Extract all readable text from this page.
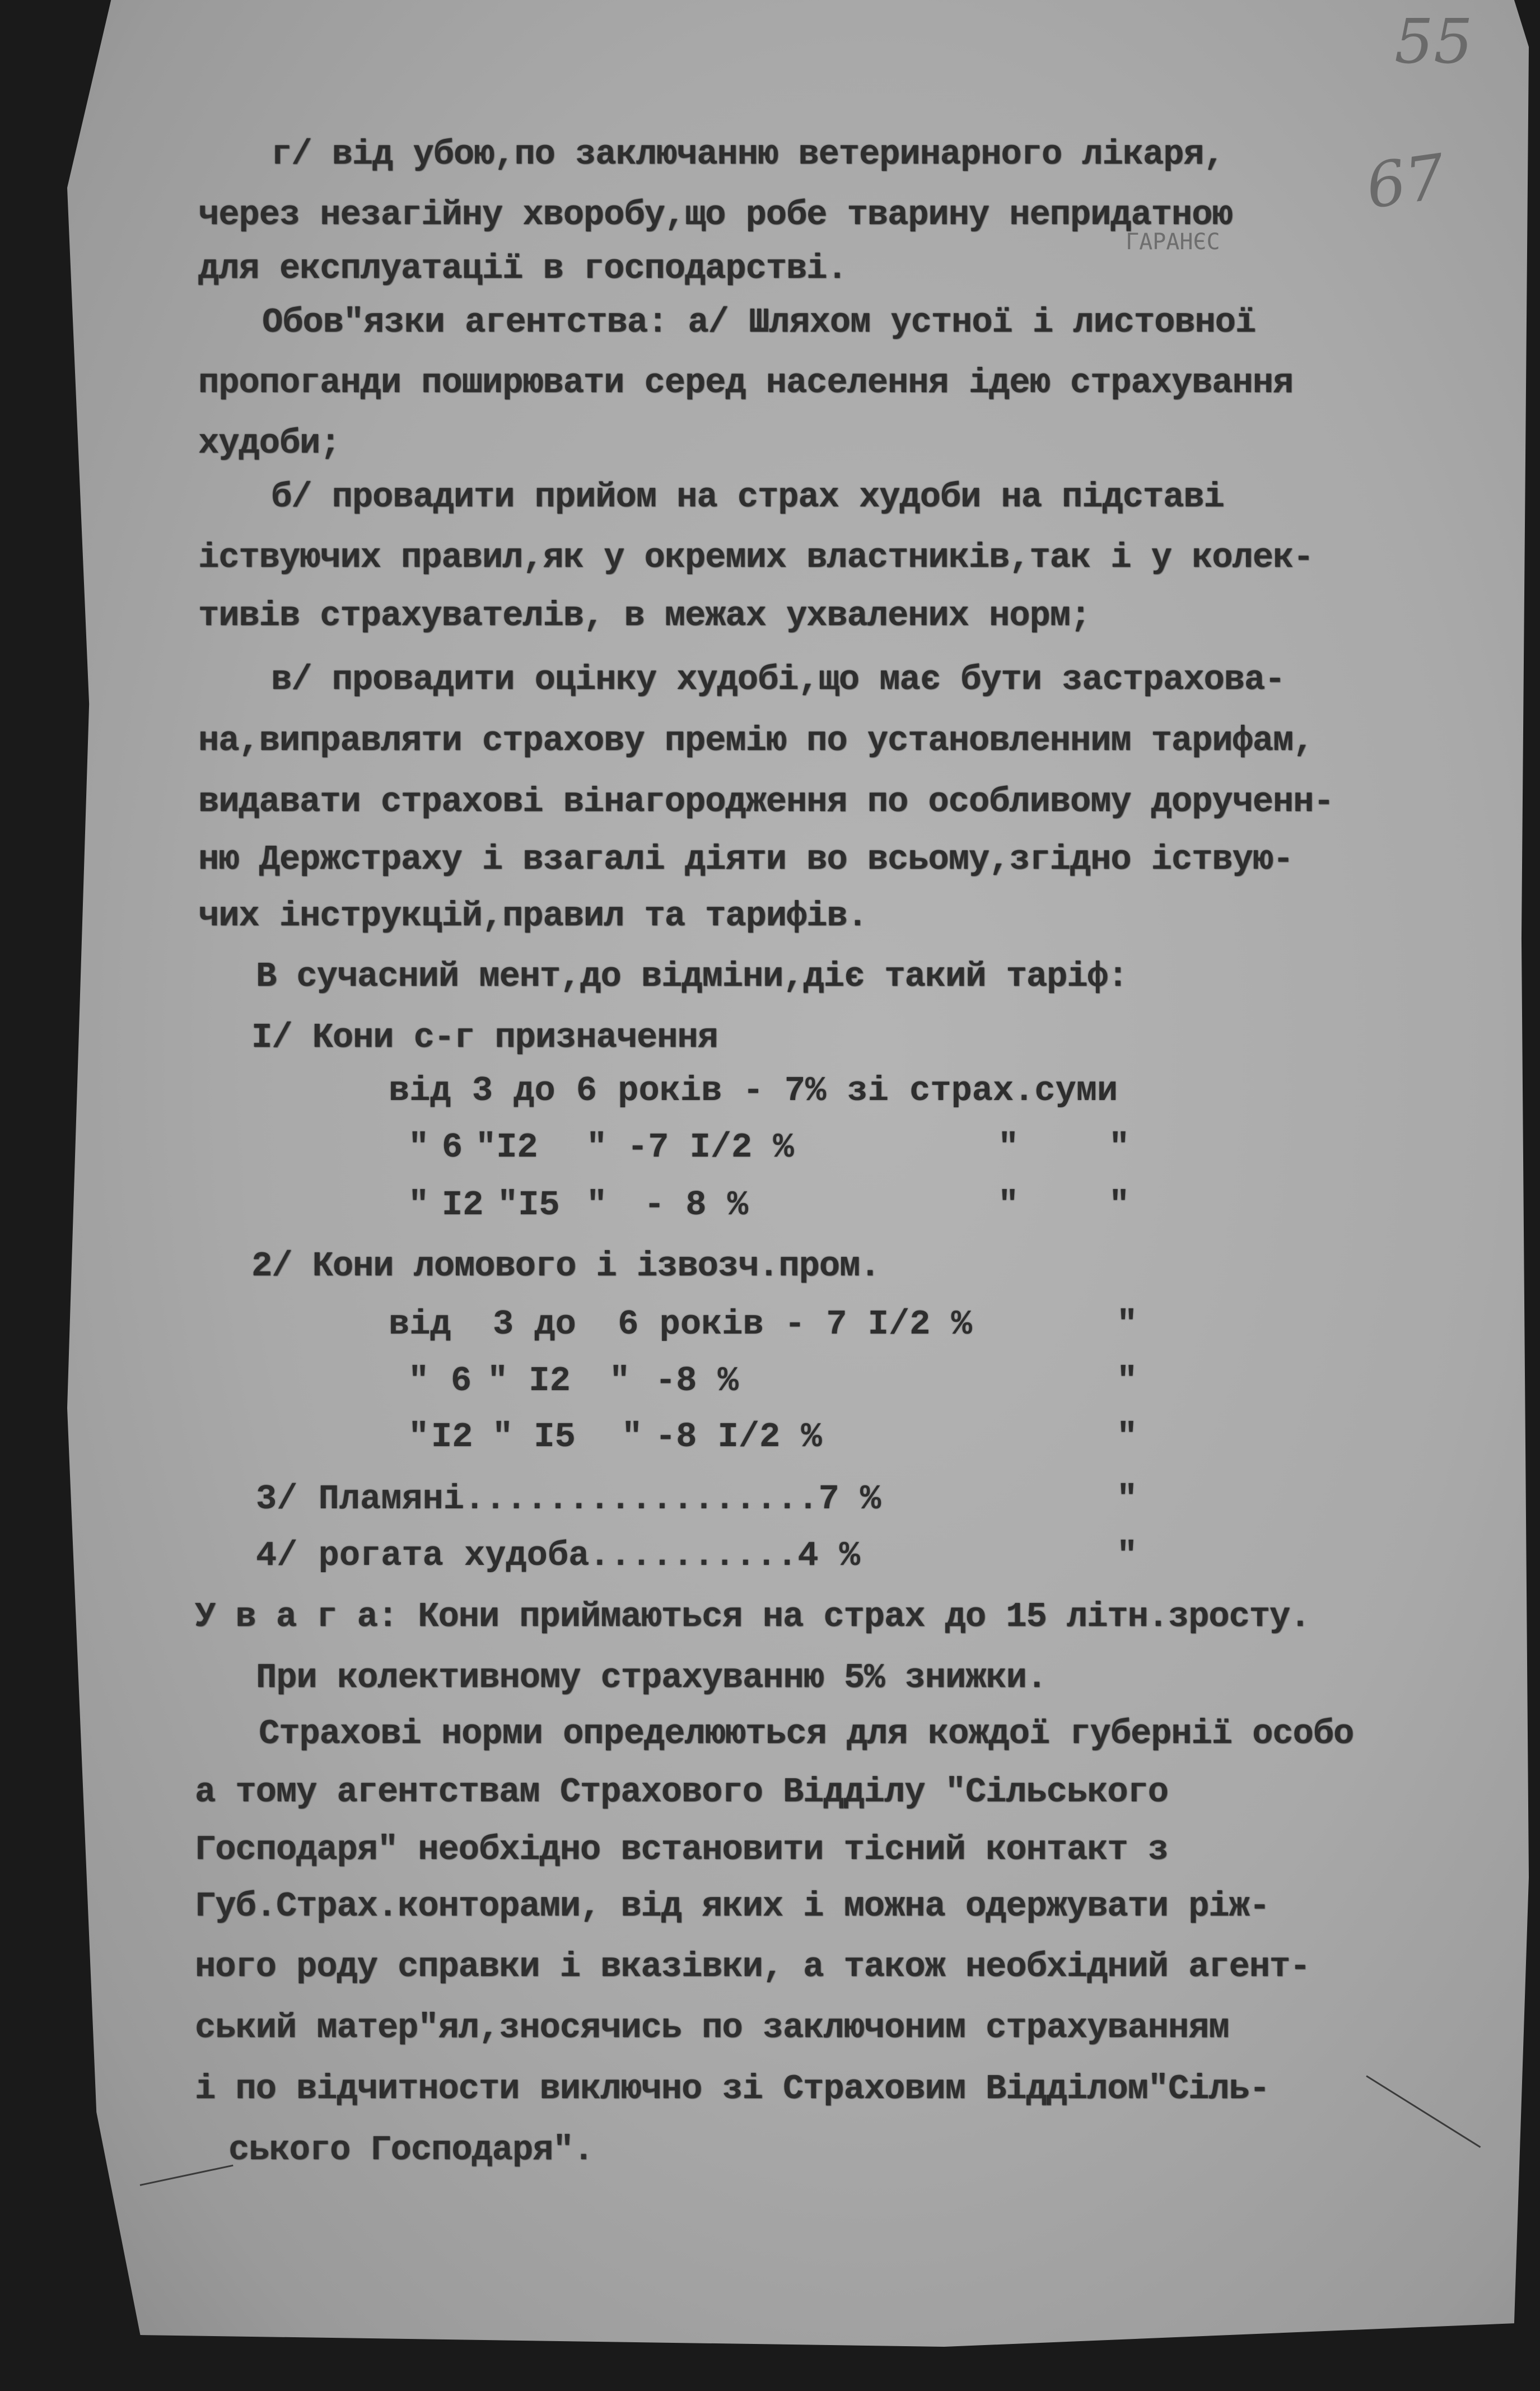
55
67
ГАРАНЄС
г/ від убою,по заключанню ветеринарного лікаря,
через незагійну хворобу,що робе тварину непридатною
для експлуатації в господарстві.
Обов"язки агентства: а/ Шляхом устної і листовної
пропоганди поширювати серед населення ідею страхування
худоби;
б/ провадити прийом на страх худоби на підставі
іствуючих правил,як у окремих властників,так і у колек-
тивів страхувателів, в межах ухвалених норм;
в/ провадити оцінку худобі,що має бути застрахова-
на,виправляти страхову премію по установленним тарифам,
видавати страхові вінагородження по особливому дорученн-
ню Держстраху і взагалі діяти во всьому,згідно іствую-
чих інструкцій,правил та тарифів.
В сучасний мент,до відміни,діє такий таріф:
I/ Кони с-г призначення
від 3 до 6 років - 7% зі страх.суми
" 6 "I2 " -7 I/2 %	"	"
" I2 "I5 " - 8 %	"	"
2/ Кони ломового і ізвозч.пром.
від  3 до  6 років - 7 I/2 %	"
" 6 " I2 " -8 %	"
" I2 " I5 " -8 I/2 %	"
3/ Пламяні.................7 %	"
4/ рогата худоба..........4 %	"
У в а г а: Кони приймаються на страх до 15 літн.зросту.
При колективному страхуванню 5% знижки.
Страхові норми определюються для кождої губернії особо
а тому агентствам Страхового Відділу "Сільського
Господаря" необхідно встановити тісний контакт з
Губ.Страх.конторами, від яких і можна одержувати ріж-
ного роду справки і вказівки, а також необхідний агент-
ський матер"ял,зносячись по заключоним страхуванням
і по відчитности виключно зі Страховим Відділом"Сіль-
ського Господаря".
